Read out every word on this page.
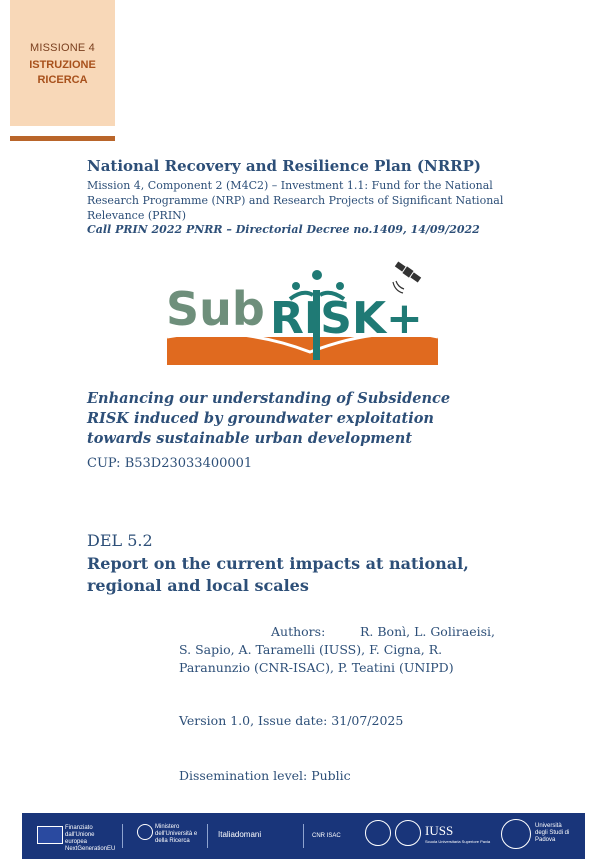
MISSIONE 4
ISTRUZIONE
RICERCA
National Recovery and Resilience Plan (NRRP)
Mission 4, Component 2 (M4C2) – Investment 1.1: Fund for the National Research Programme (NRP) and Research Projects of Significant National Relevance (PRIN)
Call PRIN 2022 PNRR – Directorial Decree no.1409, 14/09/2022
Sub RISK+
Enhancing our understanding of Subsidence RISK induced by groundwater exploitation towards sustainable urban development
CUP: B53D23033400001
DEL 5.2
Report on the current impacts at national, regional and local scales
Authors:	R. Bonì, L. Goliraeisi,
S. Sapio, A. Taramelli (IUSS), F. Cigna, R.
Paranunzio (CNR-ISAC), P. Teatini (UNIPD)
Version 1.0, Issue date: 31/07/2025
Dissemination level: Public
Finanziato dall'Unione europea NextGenerationEU
Ministero dell'Università e della Ricerca
Italiadomani	CNR ISAC	IUSS
Scuola Universitaria Superiore Pavia
Università degli Studi di Padova
